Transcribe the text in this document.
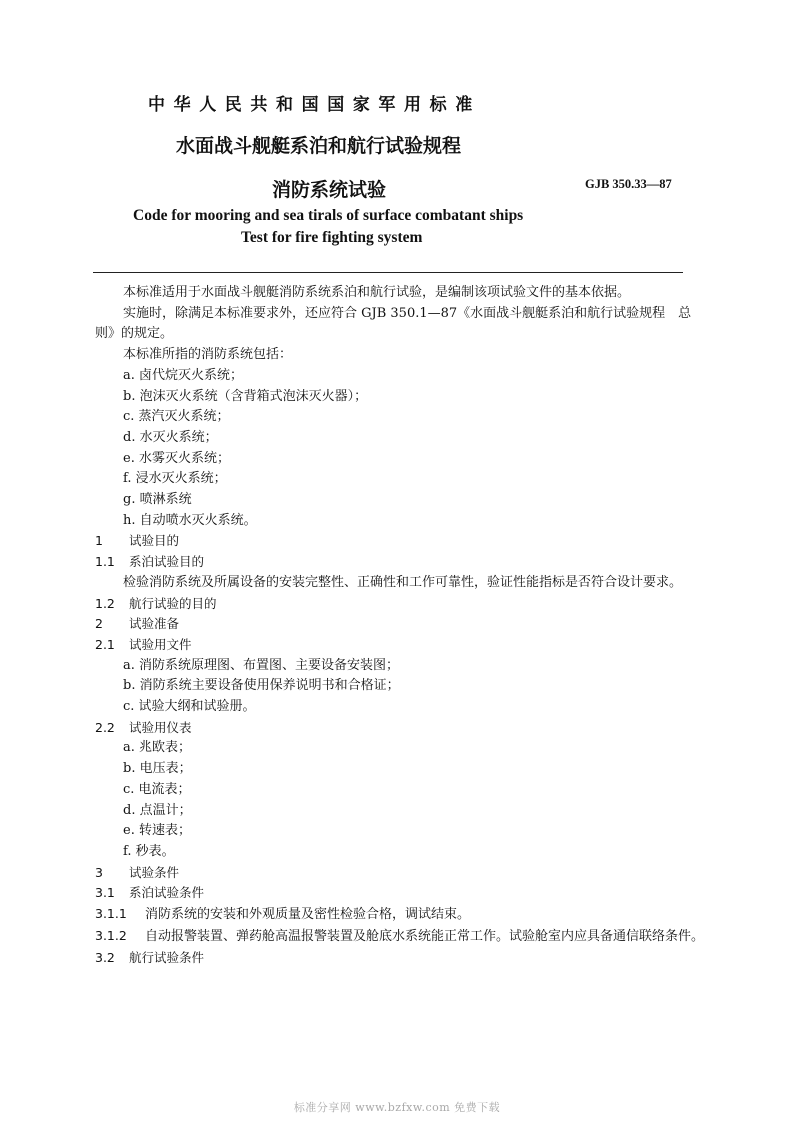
中华人民共和国国家军用标准
水面战斗舰艇系泊和航行试验规程
消防系统试验	GJB 350.33—87
Code for mooring and sea tirals of surface combatant ships
Test for fire fighting system

本标准适用于水面战斗舰艇消防系统系泊和航行试验，是编制该项试验文件的基本依据。

实施时，除满足本标准要求外，还应符合 GJB 350.1—87《水面战斗舰艇系泊和航行试验规程　总则》的规定。

本标准所指的消防系统包括：

a. 卤代烷灭火系统；

b. 泡沫灭火系统（含背箱式泡沫灭火器）；

c. 蒸汽灭火系统；

d. 水灭火系统；

e. 水雾灭火系统；

f. 浸水灭火系统；

g. 喷淋系统

h. 自动喷水灭火系统。

1 试验目的

1.1 系泊试验目的

检验消防系统及所属设备的安装完整性、正确性和工作可靠性，验证性能指标是否符合设计要求。

1.2 航行试验的目的

2 试验准备

2.1 试验用文件

a. 消防系统原理图、布置图、主要设备安装图；

b. 消防系统主要设备使用保养说明书和合格证；

c. 试验大纲和试验册。

2.2 试验用仪表

a. 兆欧表；

b. 电压表；

c. 电流表；

d. 点温计；

e. 转速表；

f. 秒表。

3 试验条件

3.1 系泊试验条件

3.1.1 消防系统的安装和外观质量及密性检验合格，调试结束。

3.1.2 自动报警装置、弹药舱高温报警装置及舱底水系统能正常工作。试验舱室内应具备通信联络条件。

3.2 航行试验条件

标准分享网 www.bzfxw.com 免费下载
